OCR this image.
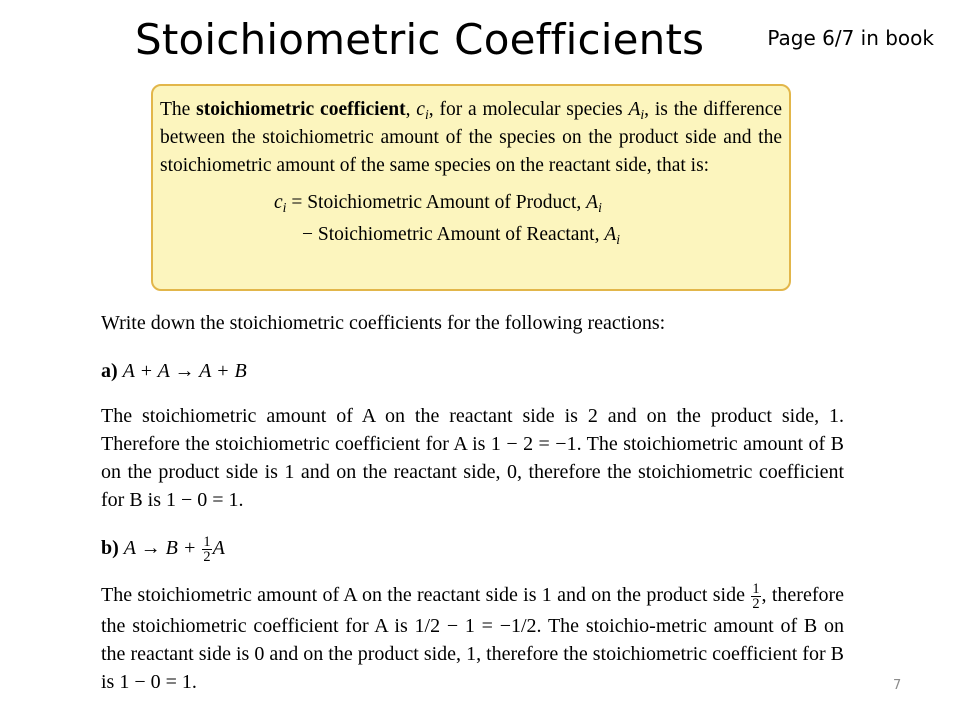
Stoichiometric Coefficients	Page 6/7 in book

The stoichiometric coefficient, $c_i$, for a molecular species $A_i$, is the difference between the stoichiometric amount of the species on the product side and the stoichiometric amount of the same species on the reactant side, that is:

$c_i$ = Stoichiometric Amount of Product, $A_i$
− Stoichiometric Amount of Reactant, $A_i$

Write down the stoichiometric coefficients for the following reactions:

a) A + A → A + B

The stoichiometric amount of A on the reactant side is 2 and on the product side, 1. Therefore the stoichiometric coefficient for A is 1 − 2 = −1. The stoichiometric amount of B on the product side is 1 and on the reactant side, 0, therefore the stoichiometric coefficient for B is 1 − 0 = 1.

b) $A \to B + \frac{1}{2}$ A

The stoichiometric amount of A on the reactant side is 1 and on the product side $\frac{1}{2}$ , therefore the stoichiometric coefficient for A is 1/2 − 1 = −1/2. The stoichio-metric amount of B on the reactant side is 0 and on the product side, 1, therefore the stoichiometric coefficient for B is 1 − 0 = 1.	7
